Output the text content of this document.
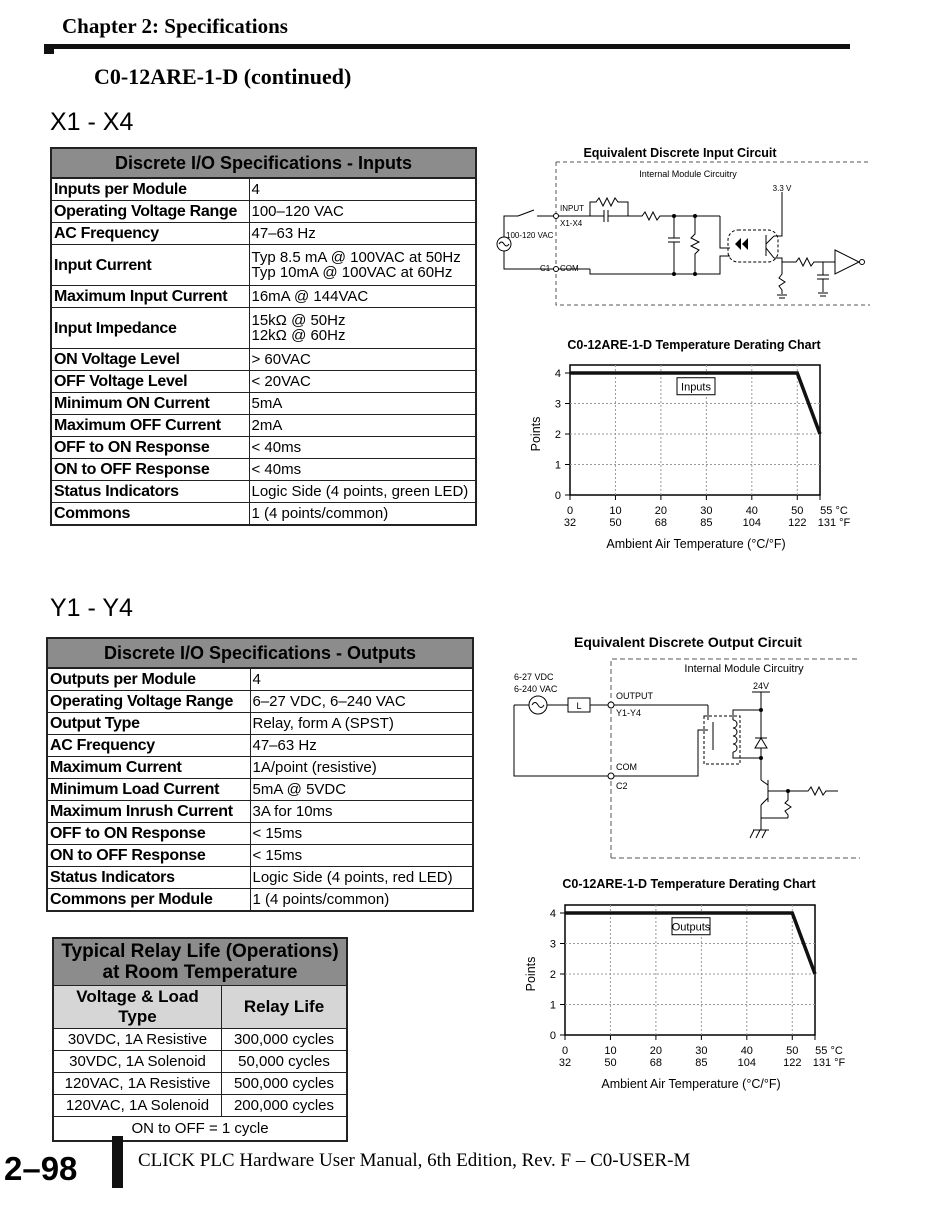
Chapter 2: Specifications
C0-12ARE-1-D (continued)
X1 - X4
Discrete I/O Specifications - Inputs	
Inputs per Module	4
Operating Voltage Range	100–120 VAC
AC Frequency	47–63 Hz
Input Current	Typ 8.5 mA @ 100VAC at 50Hz
Typ 10mA @ 100VAC at 60Hz

Maximum Input Current	16mA @ 144VAC
Input Impedance	15kΩ @ 50Hz
12kΩ @ 60Hz

ON Voltage Level	> 60VAC
OFF Voltage Level	< 20VAC
Minimum ON Current	5mA
Maximum OFF Current	2mA
OFF to ON Response	< 40ms
ON to OFF Response	< 40ms
Status Indicators	Logic Side (4 points, green LED)
Commons	1 (4 points/common)
Equivalent Discrete Input Circuit
Internal Module Circuitry
3.3 V
100-120 VAC
INPUT
X1-X4
C1 COM
C0-12ARE-1-D Temperature Derating Chart
0
1
2
3
4
0
32
10
50
20
68
30
85
40
104
50
122
55 °C
131 °F
Inputs
Ambient Air Temperature (°C/°F)
Points
Y1 - Y4
Discrete I/O Specifications - Outputs	
Outputs per Module	4
Operating Voltage Range	6–27 VDC, 6–240 VAC
Output Type	Relay, form A (SPST)
AC Frequency	47–63 Hz
Maximum Current	1A/point (resistive)
Minimum Load Current	5mA @ 5VDC
Maximum Inrush Current	3A for 10ms
OFF to ON Response	< 15ms
ON to OFF Response	< 15ms
Status Indicators	Logic Side (4 points, red LED)
Commons per Module	1 (4 points/common)
Equivalent Discrete Output Circuit
Internal Module Circuitry
6-27 VDC
6-240 VAC
L
OUTPUT
Y1-Y4
COM
C2
24V
C0-12ARE-1-D Temperature Derating Chart
0
1
2
3
4
0
32
10
50
20
68
30
85
40
104
50
122
55 °C
131 °F
Outputs
Ambient Air Temperature (°C/°F)
Points
Typical Relay Life (Operations)
at Room Temperature	
Voltage & Load Type	Relay Life
30VDC, 1A Resistive	300,000 cycles
30VDC, 1A Solenoid	50,000 cycles
120VAC, 1A Resistive	500,000 cycles
120VAC, 1A Solenoid	200,000 cycles
ON to OFF = 1 cycle	
2–98	CLICK PLC Hardware User Manual, 6th Edition, Rev. F – C0-USER-M
